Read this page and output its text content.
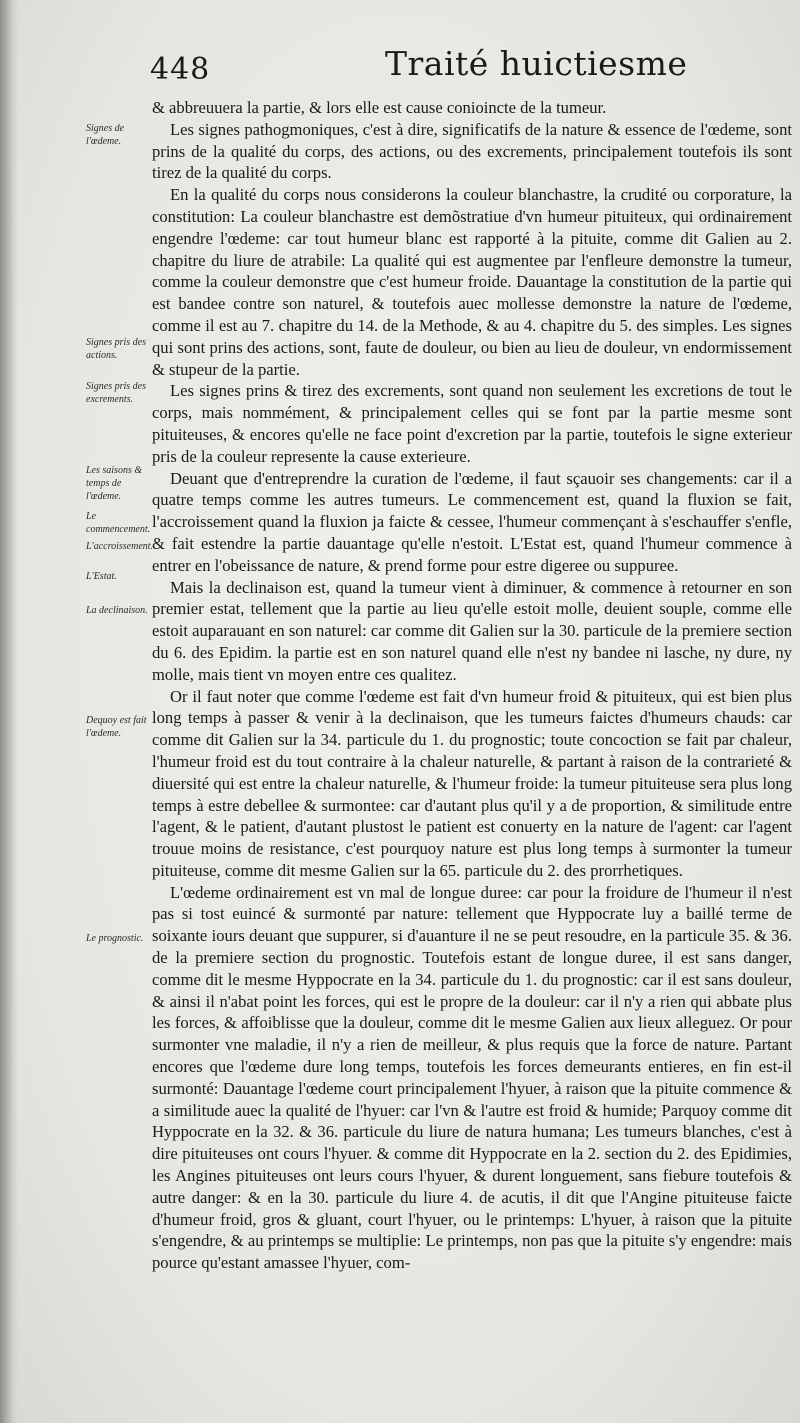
448	Traité huictiesme
Signes de l'œdeme.
Signes pris des actions.
Signes pris des excrements.
Les saisons & temps de l'œdeme.
Le commencement.
L'accroissement.
L'Estat.
La declinaison.
Dequoy est fait l'œdeme.
Le prognostic.

& abbreuuera la partie, & lors elle est cause conioincte de la tumeur.

Les signes pathogmoniques, c'est à dire, significatifs de la nature & essence de l'œdeme, sont prins de la qualité du corps, des actions, ou des excrements, principalement toutefois ils sont tirez de la qualité du corps.

En la qualité du corps nous considerons la couleur blanchastre, la crudité ou corporature, la constitution: La couleur blanchastre est demõstratiue d'vn humeur pituiteux, qui ordinairement engendre l'œdeme: car tout humeur blanc est rapporté à la pituite, comme dit Galien au 2. chapitre du liure de atrabile: La qualité qui est augmentee par l'enfleure demonstre la tumeur, comme la couleur demonstre que c'est humeur froide. Dauantage la constitution de la partie qui est bandee contre son naturel, & toutefois auec mollesse demonstre la nature de l'œdeme, comme il est au 7. chapitre du 14. de la Methode, & au 4. chapitre du 5. des simples. Les signes qui sont prins des actions, sont, faute de douleur, ou bien au lieu de douleur, vn endormissement & stupeur de la partie.

Les signes prins & tirez des excrements, sont quand non seulement les excretions de tout le corps, mais nommément, & principalement celles qui se font par la partie mesme sont pituiteuses, & encores qu'elle ne face point d'excretion par la partie, toutefois le signe exterieur pris de la couleur represente la cause exterieure.

Deuant que d'entreprendre la curation de l'œdeme, il faut sçauoir ses changements: car il a quatre temps comme les autres tumeurs. Le commencement est, quand la fluxion se fait, l'accroissement quand la fluxion ja faicte & cessee, l'humeur commençant à s'eschauffer s'enfle, & fait estendre la partie dauantage qu'elle n'estoit. L'Estat est, quand l'humeur commence à entrer en l'obeissance de nature, & prend forme pour estre digeree ou suppuree.

Mais la declinaison est, quand la tumeur vient à diminuer, & commence à retourner en son premier estat, tellement que la partie au lieu qu'elle estoit molle, deuient souple, comme elle estoit auparauant en son naturel: car comme dit Galien sur la 30. particule de la premiere section du 6. des Epidim. la partie est en son naturel quand elle n'est ny bandee ni lasche, ny dure, ny molle, mais tient vn moyen entre ces qualitez.

Or il faut noter que comme l'œdeme est fait d'vn humeur froid & pituiteux, qui est bien plus long temps à passer & venir à la declinaison, que les tumeurs faictes d'humeurs chauds: car comme dit Galien sur la 34. particule du 1. du prognostic; toute concoction se fait par chaleur, l'humeur froid est du tout contraire à la chaleur naturelle, & partant à raison de la contrarieté & diuersité qui est entre la chaleur naturelle, & l'humeur froide: la tumeur pituiteuse sera plus long temps à estre debellee & surmontee: car d'autant plus qu'il y a de proportion, & similitude entre l'agent, & le patient, d'autant plustost le patient est conuerty en la nature de l'agent: car l'agent trouue moins de resistance, c'est pourquoy nature est plus long temps à surmonter la tumeur pituiteuse, comme dit mesme Galien sur la 65. particule du 2. des prorrhetiques.

L'œdeme ordinairement est vn mal de longue duree: car pour la froidure de l'humeur il n'est pas si tost euincé & surmonté par nature: tellement que Hyppocrate luy a baillé terme de soixante iours deuant que suppurer, si d'auanture il ne se peut resoudre, en la particule 35. & 36. de la premiere section du prognostic. Toutefois estant de longue duree, il est sans danger, comme dit le mesme Hyppocrate en la 34. particule du 1. du prognostic: car il est sans douleur, & ainsi il n'abat point les forces, qui est le propre de la douleur: car il n'y a rien qui abbate plus les forces, & affoiblisse que la douleur, comme dit le mesme Galien aux lieux alleguez. Or pour surmonter vne maladie, il n'y a rien de meilleur, & plus requis que la force de nature. Partant encores que l'œdeme dure long temps, toutefois les forces demeurants entieres, en fin est-il surmonté: Dauantage l'œdeme court principalement l'hyuer, à raison que la pituite commence & a similitude auec la qualité de l'hyuer: car l'vn & l'autre est froid & humide; Parquoy comme dit Hyppocrate en la 32. & 36. particule du liure de natura humana; Les tumeurs blanches, c'est à dire pituiteuses ont cours l'hyuer. & comme dit Hyppocrate en la 2. section du 2. des Epidimies, les Angines pituiteuses ont leurs cours l'hyuer, & durent longuement, sans fiebure toutefois & autre danger: & en la 30. particule du liure 4. de acutis, il dit que l'Angine pituiteuse faicte d'humeur froid, gros & gluant, court l'hyuer, ou le printemps: L'hyuer, à raison que la pituite s'engendre, & au printemps se multiplie: Le printemps, non pas que la pituite s'y engendre: mais pource qu'estant amassee l'hyuer, com-
